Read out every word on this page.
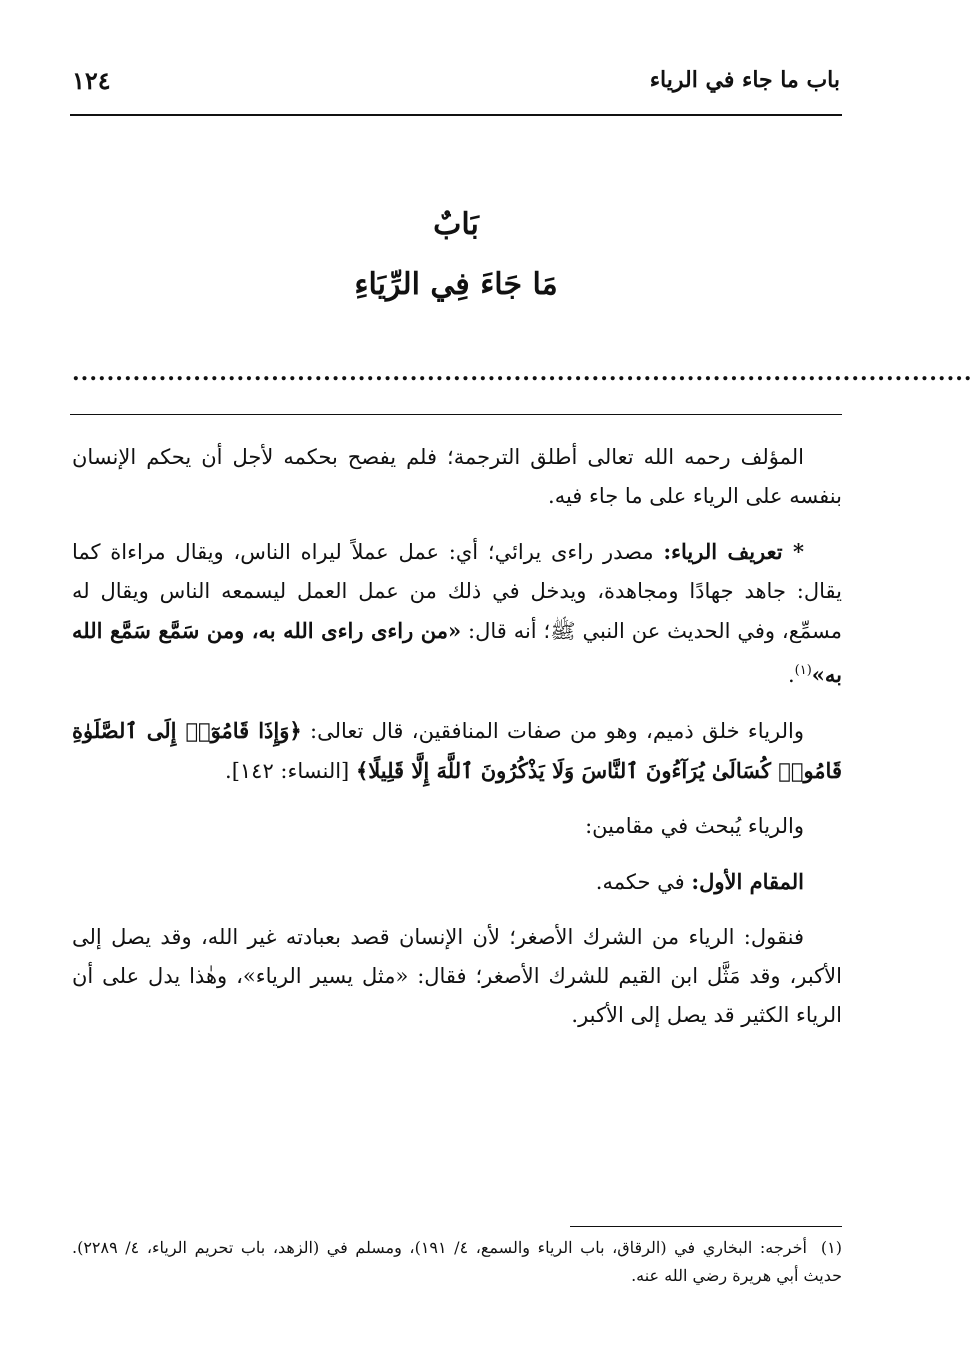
باب ما جاء في الرياء
١٢٤
بَابٌ
مَا جَاءَ فِي الرِّيَاءِ
........................................................................................................

المؤلف رحمه الله تعالى أطلق الترجمة؛ فلم يفصح بحكمه لأجل أن يحكم الإنسان بنفسه على الرياء على ما جاء فيه.

* تعريف الرياء: مصدر راءى يرائي؛ أي: عمل عملاً ليراه الناس، ويقال مراءاة كما يقال: جاهد جهادًا ومجاهدة، ويدخل في ذلك من عمل العمل ليسمعه الناس ويقال له مسمِّع، وفي الحديث عن النبي ﷺ؛ أنه قال: «من راءى راءى الله به، ومن سَمَّع سَمَّع الله به»$^{(١)}$.

والرياء خلق ذميم، وهو من صفات المنافقين، قال تعالى: ﴿وَإِذَا قَامُوٓا۟ إِلَى ٱلصَّلَوٰةِ قَامُوا۟ كُسَالَىٰ يُرَآءُونَ ٱلنَّاسَ وَلَا يَذْكُرُونَ ٱللَّهَ إِلَّا قَلِيلًا﴾ [النساء: ١٤٢].

والرياء يُبحث في مقامين:

المقام الأول: في حكمه.

فنقول: الرياء من الشرك الأصغر؛ لأن الإنسان قصد بعبادته غير الله، وقد يصل إلى الأكبر، وقد مَثَّل ابن القيم للشرك الأصغر؛ فقال: «مثل يسير الرياء»، وهٰذا يدل على أن الرياء الكثير قد يصل إلى الأكبر.

(١)أخرجه: البخاري في (الرقاق، باب الرياء والسمع، ٤/ ١٩١)، ومسلم في (الزهد، باب تحريم الرياء، ٤/ ٢٢٨٩). حديث أبي هريرة رضي الله عنه.
